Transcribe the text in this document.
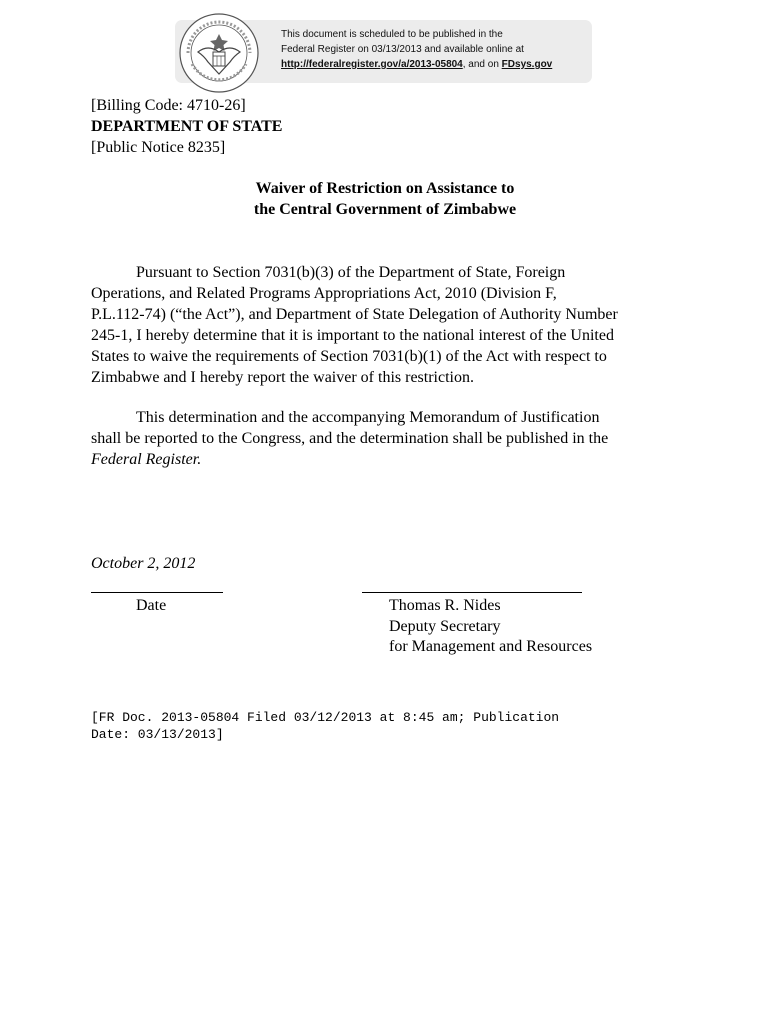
This document is scheduled to be published in the
Federal Register on 03/13/2013 and available online at
http://federalregister.gov/a/2013-05804, and on FDsys.gov
[Billing Code: 4710-26]
DEPARTMENT OF STATE
[Public Notice 8235]
Waiver of Restriction on Assistance to
the Central Government of Zimbabwe
Pursuant to Section 7031(b)(3) of the Department of State, Foreign
Operations, and Related Programs Appropriations Act, 2010 (Division F,
P.L.112-74) (“the Act”), and Department of State Delegation of Authority Number
245-1, I hereby determine that it is important to the national interest of the United
States to waive the requirements of Section 7031(b)(1) of the Act with respect to
Zimbabwe and I hereby report the waiver of this restriction.
This determination and the accompanying Memorandum of Justification
shall be reported to the Congress, and the determination shall be published in the
Federal Register.
October 2, 2012
Date	Thomas R. Nides
Deputy Secretary
for Management and Resources
[FR Doc. 2013-05804 Filed 03/12/2013 at 8:45 am; Publication
Date: 03/13/2013]
